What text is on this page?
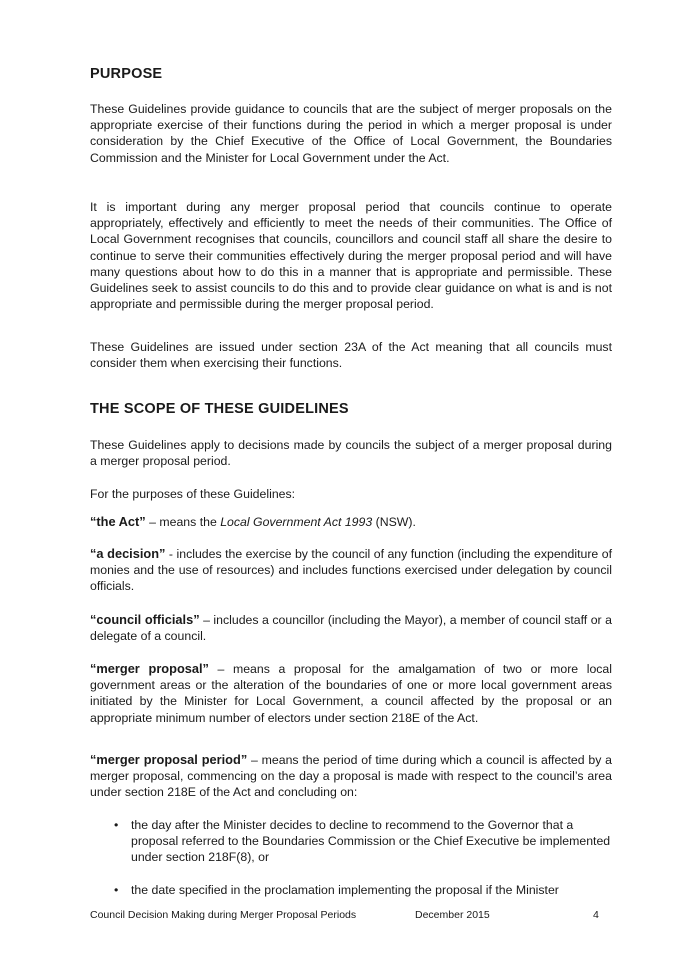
PURPOSE

These Guidelines provide guidance to councils that are the subject of merger proposals on the appropriate exercise of their functions during the period in which a merger proposal is under consideration by the Chief Executive of the Office of Local Government, the Boundaries Commission and the Minister for Local Government under the Act.

It is important during any merger proposal period that councils continue to operate appropriately, effectively and efficiently to meet the needs of their communities. The Office of Local Government recognises that councils, councillors and council staff all share the desire to continue to serve their communities effectively during the merger proposal period and will have many questions about how to do this in a manner that is appropriate and permissible. These Guidelines seek to assist councils to do this and to provide clear guidance on what is and is not appropriate and permissible during the merger proposal period.

These Guidelines are issued under section 23A of the Act meaning that all councils must consider them when exercising their functions.

THE SCOPE OF THESE GUIDELINES

These Guidelines apply to decisions made by councils the subject of a merger proposal during a merger proposal period.

For the purposes of these Guidelines:

“the Act” – means the Local Government Act 1993 (NSW).

“a decision” - includes the exercise by the council of any function (including the expenditure of monies and the use of resources) and includes functions exercised under delegation by council officials.

“council officials” – includes a councillor (including the Mayor), a member of council staff or a delegate of a council.

“merger proposal” – means a proposal for the amalgamation of two or more local government areas or the alteration of the boundaries of one or more local government areas initiated by the Minister for Local Government, a council affected by the proposal or an appropriate minimum number of electors under section 218E of the Act.

“merger proposal period” – means the period of time during which a council is affected by a merger proposal, commencing on the day a proposal is made with respect to the council’s area under section 218E of the Act and concluding on:

• the day after the Minister decides to decline to recommend to the Governor that a proposal referred to the Boundaries Commission or the Chief Executive be implemented under section 218F(8), or
• the date specified in the proclamation implementing the proposal if the Minister
Council Decision Making during Merger Proposal Periods	December 2015	4
